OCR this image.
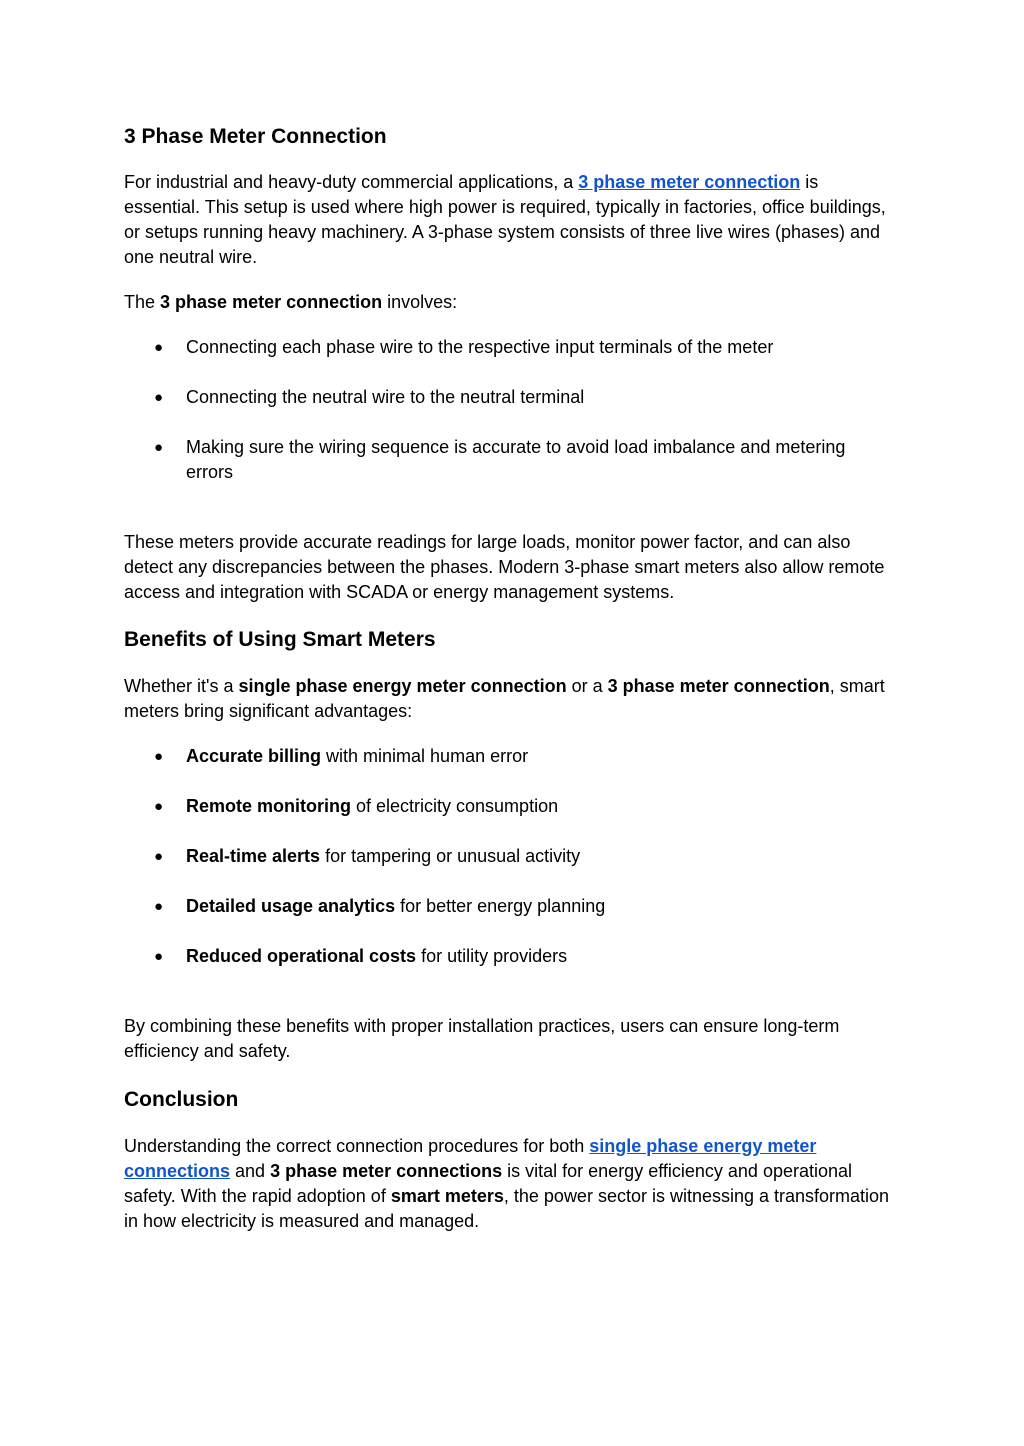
3 Phase Meter Connection

For industrial and heavy-duty commercial applications, a 3 phase meter connection is essential. This setup is used where high power is required, typically in factories, office buildings, or setups running heavy machinery. A 3-phase system consists of three live wires (phases) and one neutral wire.

The 3 phase meter connection involves:

● Connecting each phase wire to the respective input terminals of the meter
● Connecting the neutral wire to the neutral terminal
● Making sure the wiring sequence is accurate to avoid load imbalance and metering errors

These meters provide accurate readings for large loads, monitor power factor, and can also detect any discrepancies between the phases. Modern 3-phase smart meters also allow remote access and integration with SCADA or energy management systems.

Benefits of Using Smart Meters

Whether it's a single phase energy meter connection or a 3 phase meter connection, smart meters bring significant advantages:

● Accurate billing with minimal human error
● Remote monitoring of electricity consumption
● Real-time alerts for tampering or unusual activity
● Detailed usage analytics for better energy planning
● Reduced operational costs for utility providers

By combining these benefits with proper installation practices, users can ensure long-term efficiency and safety.

Conclusion

Understanding the correct connection procedures for both single phase energy meter connections and 3 phase meter connections is vital for energy efficiency and operational safety. With the rapid adoption of smart meters, the power sector is witnessing a transformation in how electricity is measured and managed.
